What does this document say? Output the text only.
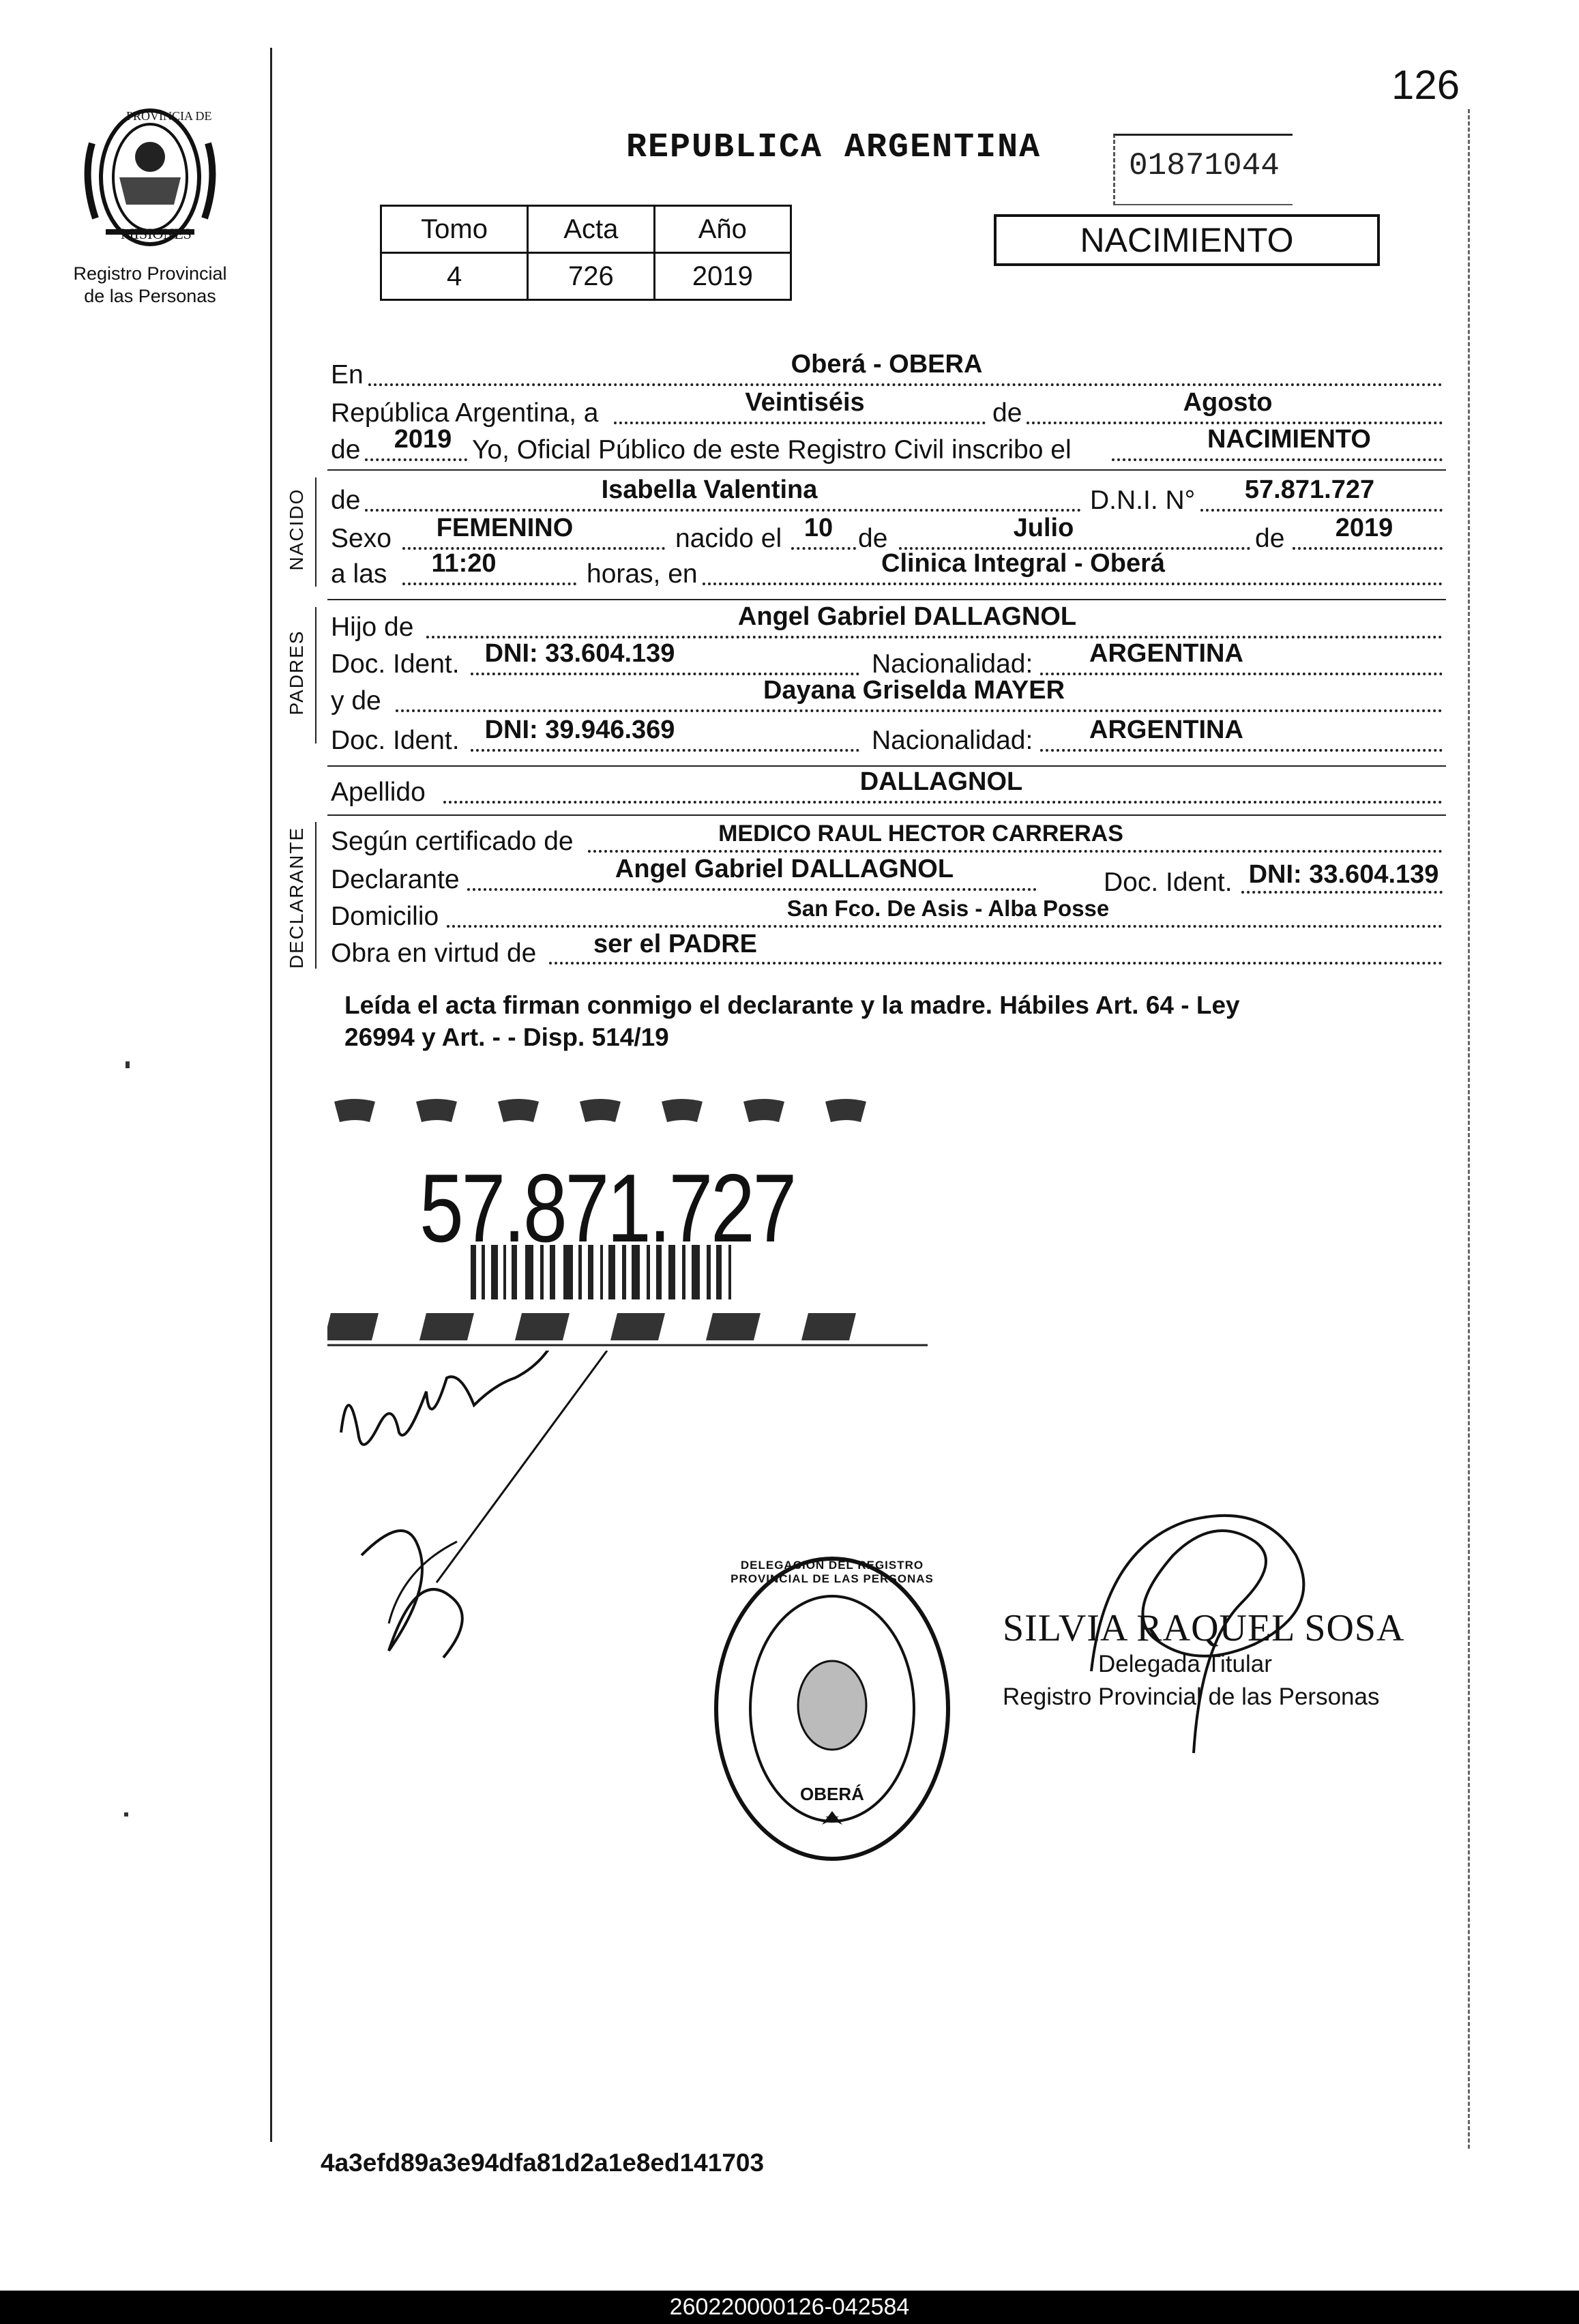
PROVINCIA DE
MISIONES
Registro Provincial
de las Personas
126
REPUBLICA ARGENTINA	01871044
Tomo	Acta	Año
4	726	2019
NACIMIENTO
En	Oberá - OBERA
República Argentina, a	Veintiséis	de	Agosto
de	2019 Yo, Oficial Público de este Registro Civil inscribo el	NACIMIENTO
NACIDO de	Isabella Valentina	D.N.I. N°	57.871.727
Sexo	FEMENINO	nacido el 10 de	Julio	de	2019
a las	11:20	horas, en	Clinica Integral - Oberá
PADRES
Hijo de	Angel Gabriel DALLAGNOL
Doc. Ident. DNI: 33.604.139	Nacionalidad:	ARGENTINA
y de	Dayana Griselda MAYER
Doc. Ident. DNI: 39.946.369	Nacionalidad:	ARGENTINA
Apellido	DALLAGNOL
DECLARANTE Según certificado de	MEDICO RAUL HECTOR CARRERAS
Declarante	Angel Gabriel DALLAGNOL	Doc. Ident. DNI: 33.604.139
Domicilio	San Fco. De Asis - Alba Posse
Obra en virtud de	ser el PADRE
Leída el acta firman conmigo el declarante y la madre. Hábiles Art. 64 - Ley
26994 y Art. - - Disp. 514/19
57.871.727
DELEGACION DEL REGISTRO PROVINCIAL DE LAS PERSONAS
OBERÁ
SILVIA RAQUEL SOSA
Delegada Titular
Registro Provincial de las Personas
4a3efd89a3e94dfa81d2a1e8ed141703
260220000126-042584
